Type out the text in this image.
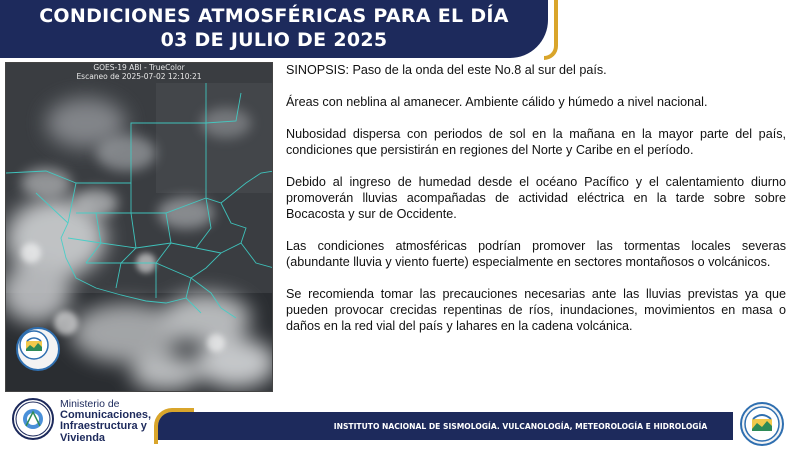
CONDICIONES ATMOSFÉRICAS PARA EL DÍA
03 DE JULIO DE 2025
GOES-19 ABI - TrueColor
Escaneo de 2025-07-02 12:10:21	SINOPSIS: Paso de la onda del este No.8 al sur del país.

Áreas con neblina al amanecer. Ambiente cálido y húmedo a nivel nacional.

Nubosidad dispersa con periodos de sol en la mañana en la mayor parte del país, condiciones que persistirán en regiones del Norte y Caribe en el período.

Debido al ingreso de humedad desde el océano Pacífico y el calentamiento diurno promoverán lluvias acompañadas de actividad eléctrica en la tarde sobre sobre Bocacosta y sur de Occidente.

Las condiciones atmosféricas podrían promover las tormentas locales severas (abundante lluvia y viento fuerte) especialmente en sectores montañosos o volcánicos.

Se recomienda tomar las precauciones necesarias ante las lluvias previstas ya que pueden provocar crecidas repentinas de ríos, inundaciones, movimientos en masa o daños en la red vial del país y lahares en la cadena volcánica.

Ministerio de
Comunicaciones,
Infraestructura y
Vivienda
INSTITUTO NACIONAL DE SISMOLOGÍA. VULCANOLOGÍA, METEOROLOGÍA E HIDROLOGÍA
